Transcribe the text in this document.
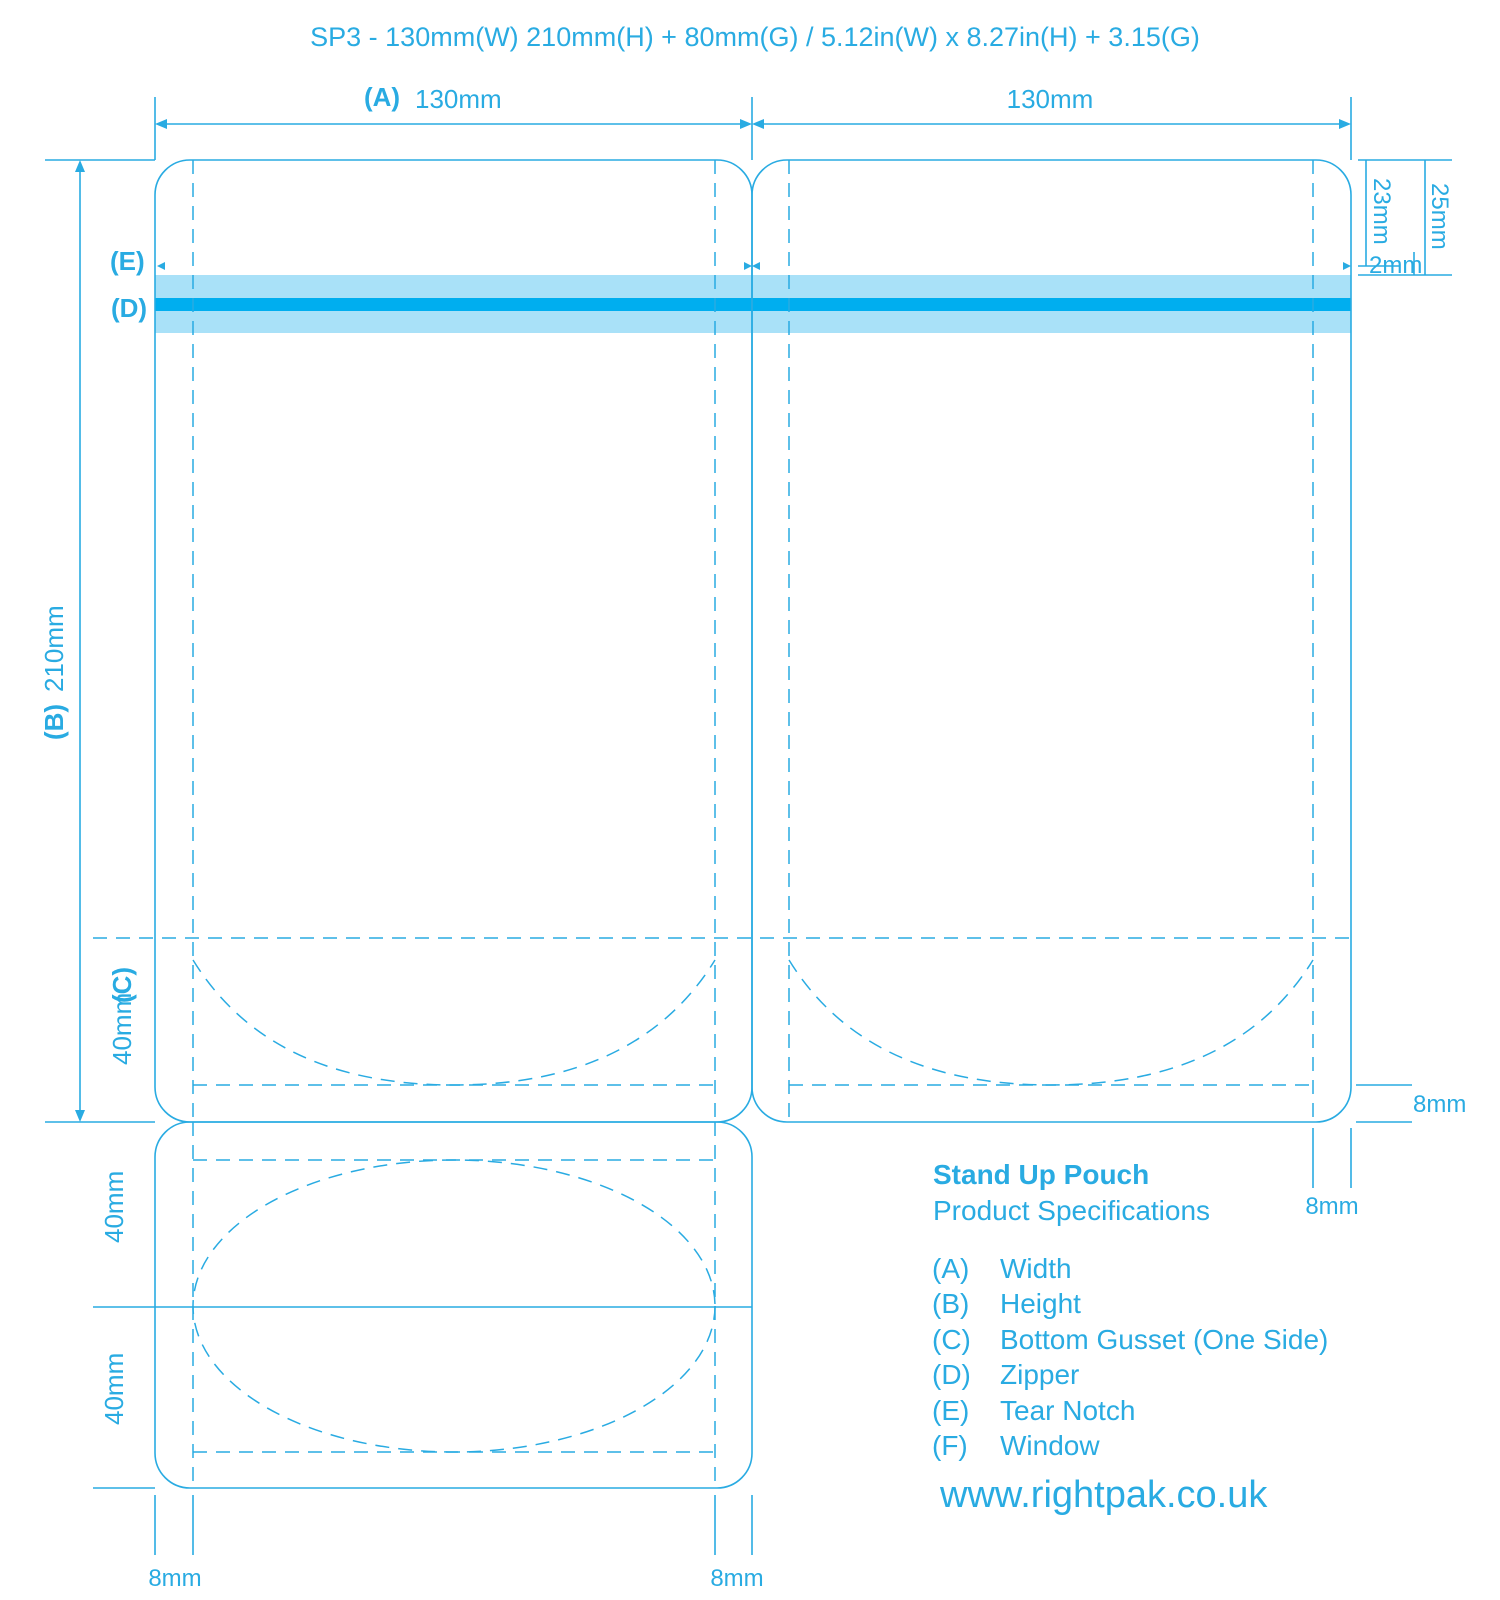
SP3 - 130mm(W) 210mm(H) + 80mm(G) / 5.12in(W) x 8.27in(H) + 3.15(G)
(A) 130mm	130mm
(B)
210mm
40mm
(C)
(E)
(D)
23mm 25mm
2mm
8mm
8mm
40mm
40mm
8mm	8mm
Stand Up Pouch
Product Specifications
(A) Width
(B) Height
(C) Bottom Gusset (One Side)
(D) Zipper
(E) Tear Notch
(F) Window
www.rightpak.co.uk
